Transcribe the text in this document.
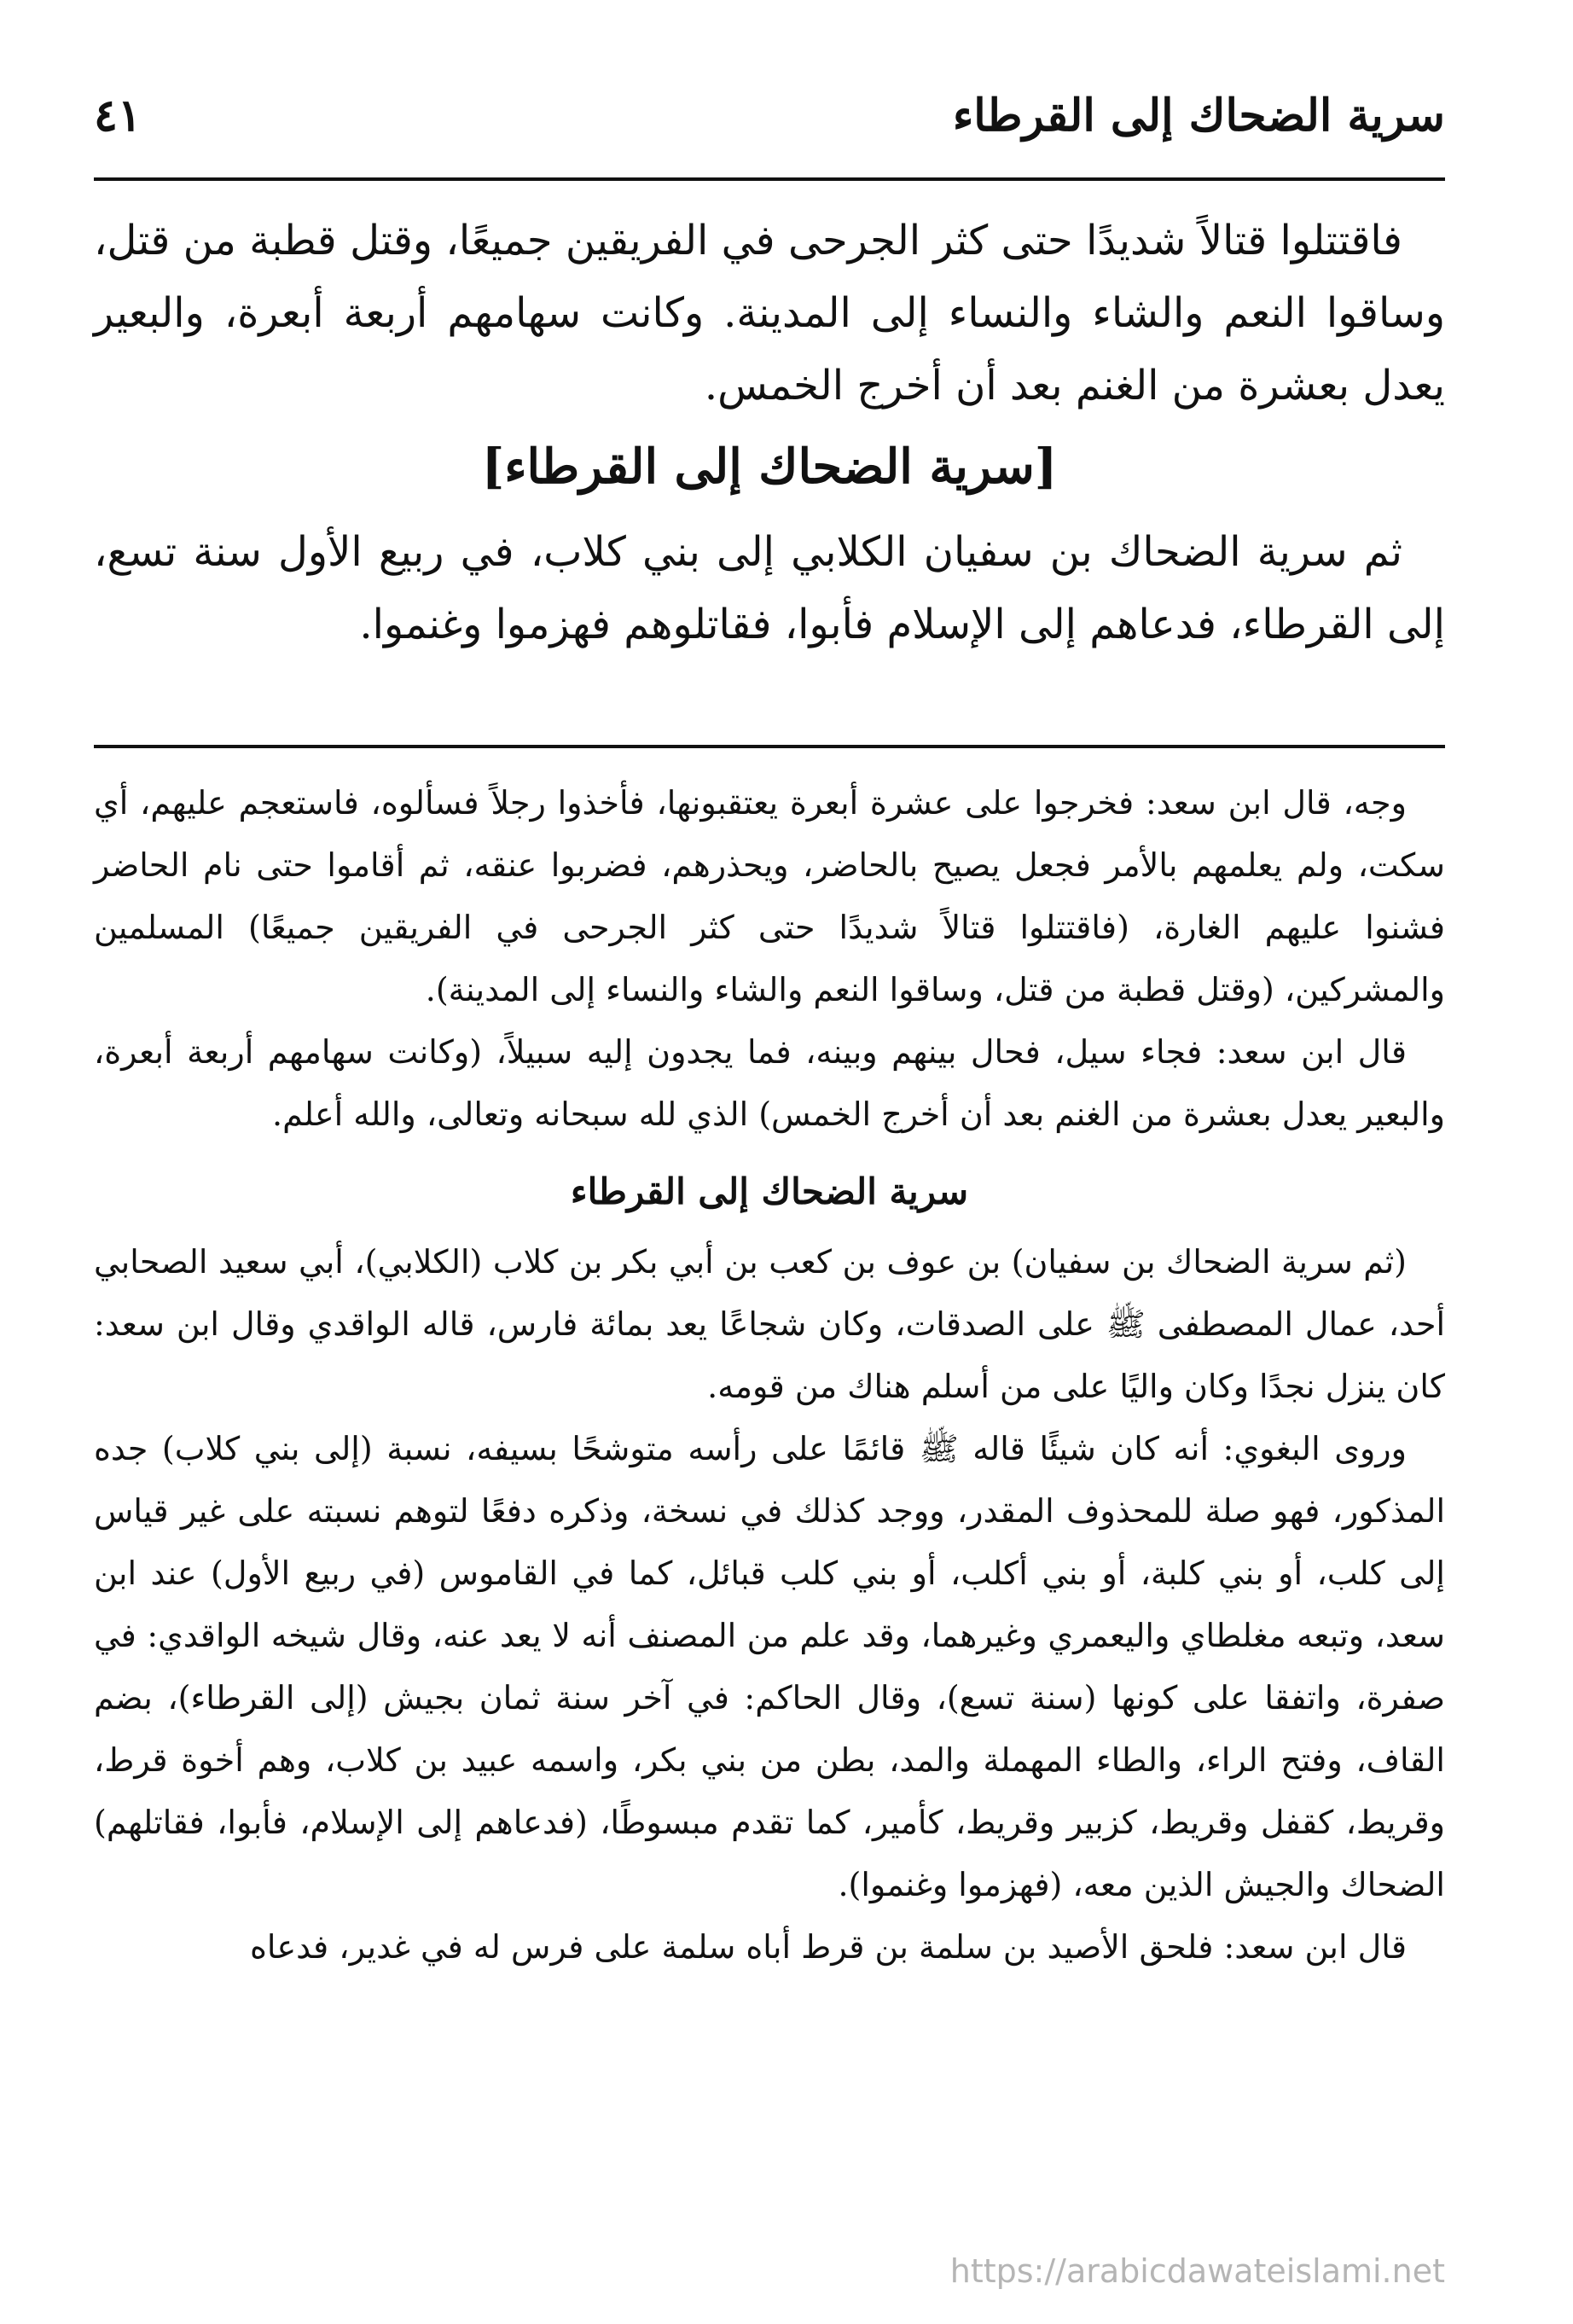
سرية الضحاك إلى القرطاء
٤١

فاقتتلوا قتالاً شديدًا حتى كثر الجرحى في الفريقين جميعًا، وقتل قطبة من قتل، وساقوا النعم والشاء والنساء إلى المدينة. وكانت سهامهم أربعة أبعرة، والبعير يعدل بعشرة من الغنم بعد أن أخرج الخمس.

[سرية الضحاك إلى القرطاء]

ثم سرية الضحاك بن سفيان الكلابي إلى بني كلاب، في ربيع الأول سنة تسع، إلى القرطاء، فدعاهم إلى الإسلام فأبوا، فقاتلوهم فهزموا وغنموا.

وجه، قال ابن سعد: فخرجوا على عشرة أبعرة يعتقبونها، فأخذوا رجلاً فسألوه، فاستعجم عليهم، أي سكت، ولم يعلمهم بالأمر فجعل يصيح بالحاضر، ويحذرهم، فضربوا عنقه، ثم أقاموا حتى نام الحاضر فشنوا عليهم الغارة، (فاقتتلوا قتالاً شديدًا حتى كثر الجرحى في الفريقين جميعًا) المسلمين والمشركين، (وقتل قطبة من قتل، وساقوا النعم والشاء والنساء إلى المدينة).

قال ابن سعد: فجاء سيل، فحال بينهم وبينه، فما يجدون إليه سبيلاً، (وكانت سهامهم أربعة أبعرة، والبعير يعدل بعشرة من الغنم بعد أن أخرج الخمس) الذي لله سبحانه وتعالى، والله أعلم.

سرية الضحاك إلى القرطاء

(ثم سرية الضحاك بن سفيان) بن عوف بن كعب بن أبي بكر بن كلاب (الكلابي)، أبي سعيد الصحابي أحد، عمال المصطفى ﷺ على الصدقات، وكان شجاعًا يعد بمائة فارس، قاله الواقدي وقال ابن سعد: كان ينزل نجدًا وكان واليًا على من أسلم هناك من قومه.

وروى البغوي: أنه كان شيئًا قاله ﷺ قائمًا على رأسه متوشحًا بسيفه، نسبة (إلى بني كلاب) جده المذكور، فهو صلة للمحذوف المقدر، ووجد كذلك في نسخة، وذكره دفعًا لتوهم نسبته على غير قياس إلى كلب، أو بني كلبة، أو بني أكلب، أو بني كلب قبائل، كما في القاموس (في ربيع الأول) عند ابن سعد، وتبعه مغلطاي واليعمري وغيرهما، وقد علم من المصنف أنه لا يعد عنه، وقال شيخه الواقدي: في صفرة، واتفقا على كونها (سنة تسع)، وقال الحاكم: في آخر سنة ثمان بجيش (إلى القرطاء)، بضم القاف، وفتح الراء، والطاء المهملة والمد، بطن من بني بكر، واسمه عبيد بن كلاب، وهم أخوة قرط، وقريط، كقفل وقريط، كزبير وقريط، كأمير، كما تقدم مبسوطًا، (فدعاهم إلى الإسلام، فأبوا، فقاتلهم) الضحاك والجيش الذين معه، (فهزموا وغنموا).

قال ابن سعد: فلحق الأصيد بن سلمة بن قرط أباه سلمة على فرس له في غدير، فدعاه

https://arabicdawateislami.net
